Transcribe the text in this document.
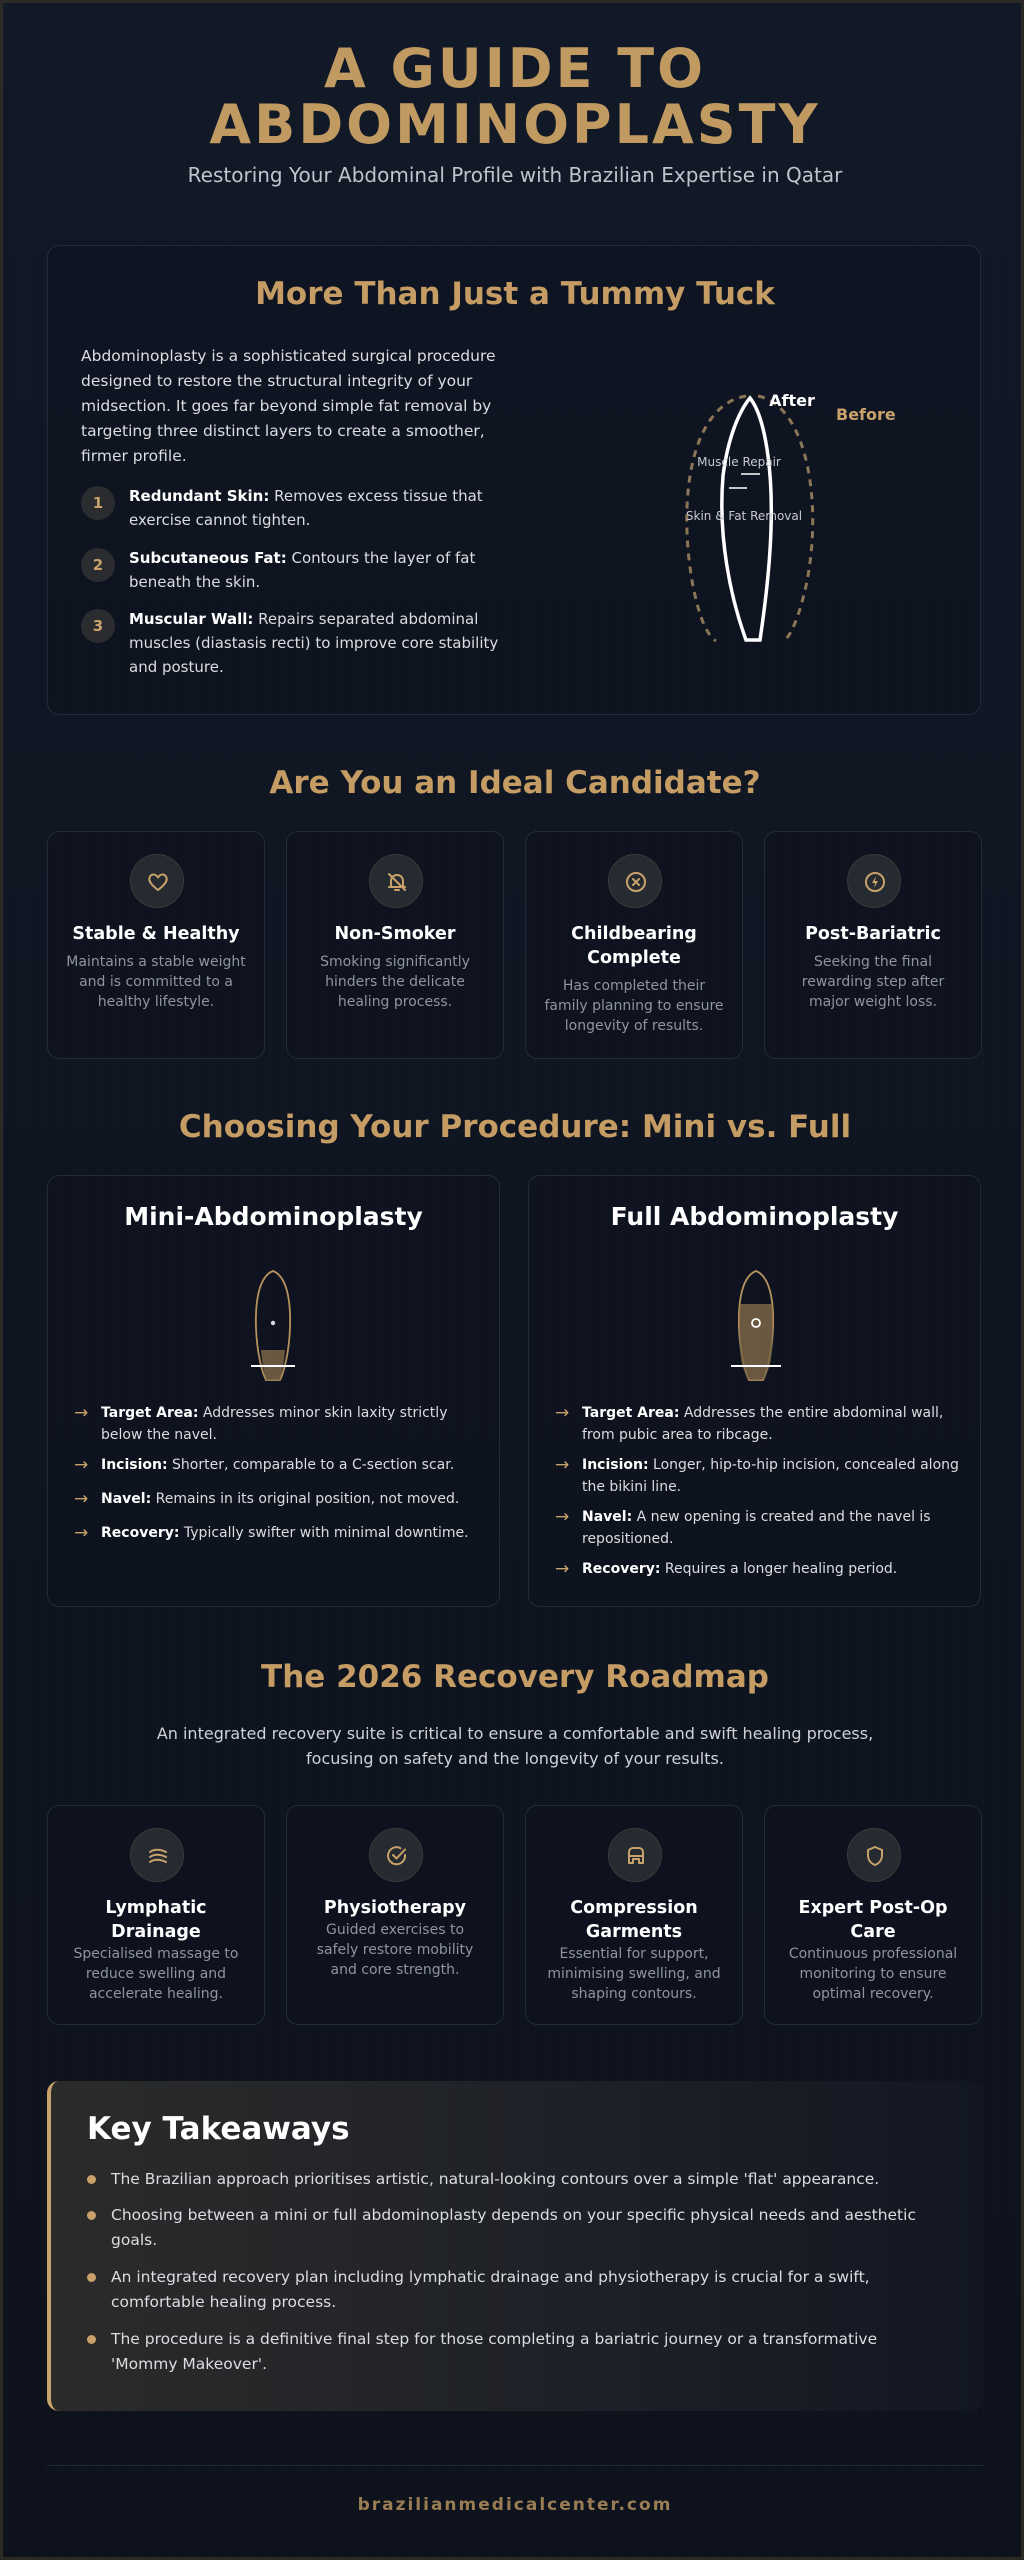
A GUIDE TO
ABDOMINOPLASTY
Restoring Your Abdominal Profile with Brazilian Expertise in Qatar
More Than Just a Tummy Tuck
Abdominoplasty is a sophisticated surgical procedure designed to restore the structural integrity of your midsection. It goes far beyond simple fat removal by targeting three distinct layers to create a smoother, firmer profile.
1	Redundant Skin: Removes excess tissue that exercise cannot tighten.
2	Subcutaneous Fat: Contours the layer of fat beneath the skin.
3	Muscular Wall: Repairs separated abdominal muscles (diastasis recti) to improve core stability and posture.
After
Before
Muscle Repair
Skin & Fat Removal
Are You an Ideal Candidate?
Stable & Healthy
Maintains a stable weight and is committed to a healthy lifestyle.
Non-Smoker
Smoking significantly hinders the delicate healing process.
Childbearing Complete
Has completed their family planning to ensure longevity of results.
Post-Bariatric
Seeking the final rewarding step after major weight loss.
Choosing Your Procedure: Mini vs. Full
Mini-Abdominoplasty
→ Target Area: Addresses minor skin laxity strictly below the navel.
→ Incision: Shorter, comparable to a C-section scar.
→ Navel: Remains in its original position, not moved.
→ Recovery: Typically swifter with minimal downtime.
Full Abdominoplasty
→ Target Area: Addresses the entire abdominal wall, from pubic area to ribcage.
→ Incision: Longer, hip-to-hip incision, concealed along the bikini line.
→ Navel: A new opening is created and the navel is repositioned.
→ Recovery: Requires a longer healing period.
The 2026 Recovery Roadmap
An integrated recovery suite is critical to ensure a comfortable and swift healing process, focusing on safety and the longevity of your results.
Lymphatic Drainage
Specialised massage to reduce swelling and accelerate healing.
Physiotherapy
Guided exercises to safely restore mobility and core strength.
Compression Garments
Essential for support, minimising swelling, and shaping contours.
Expert Post-Op Care
Continuous professional monitoring to ensure optimal recovery.
Key Takeaways
The Brazilian approach prioritises artistic, natural-looking contours over a simple 'flat' appearance.
Choosing between a mini or full abdominoplasty depends on your specific physical needs and aesthetic goals.
An integrated recovery plan including lymphatic drainage and physiotherapy is crucial for a swift, comfortable healing process.
The procedure is a definitive final step for those completing a bariatric journey or a transformative 'Mommy Makeover'.
brazilianmedicalcenter.com
